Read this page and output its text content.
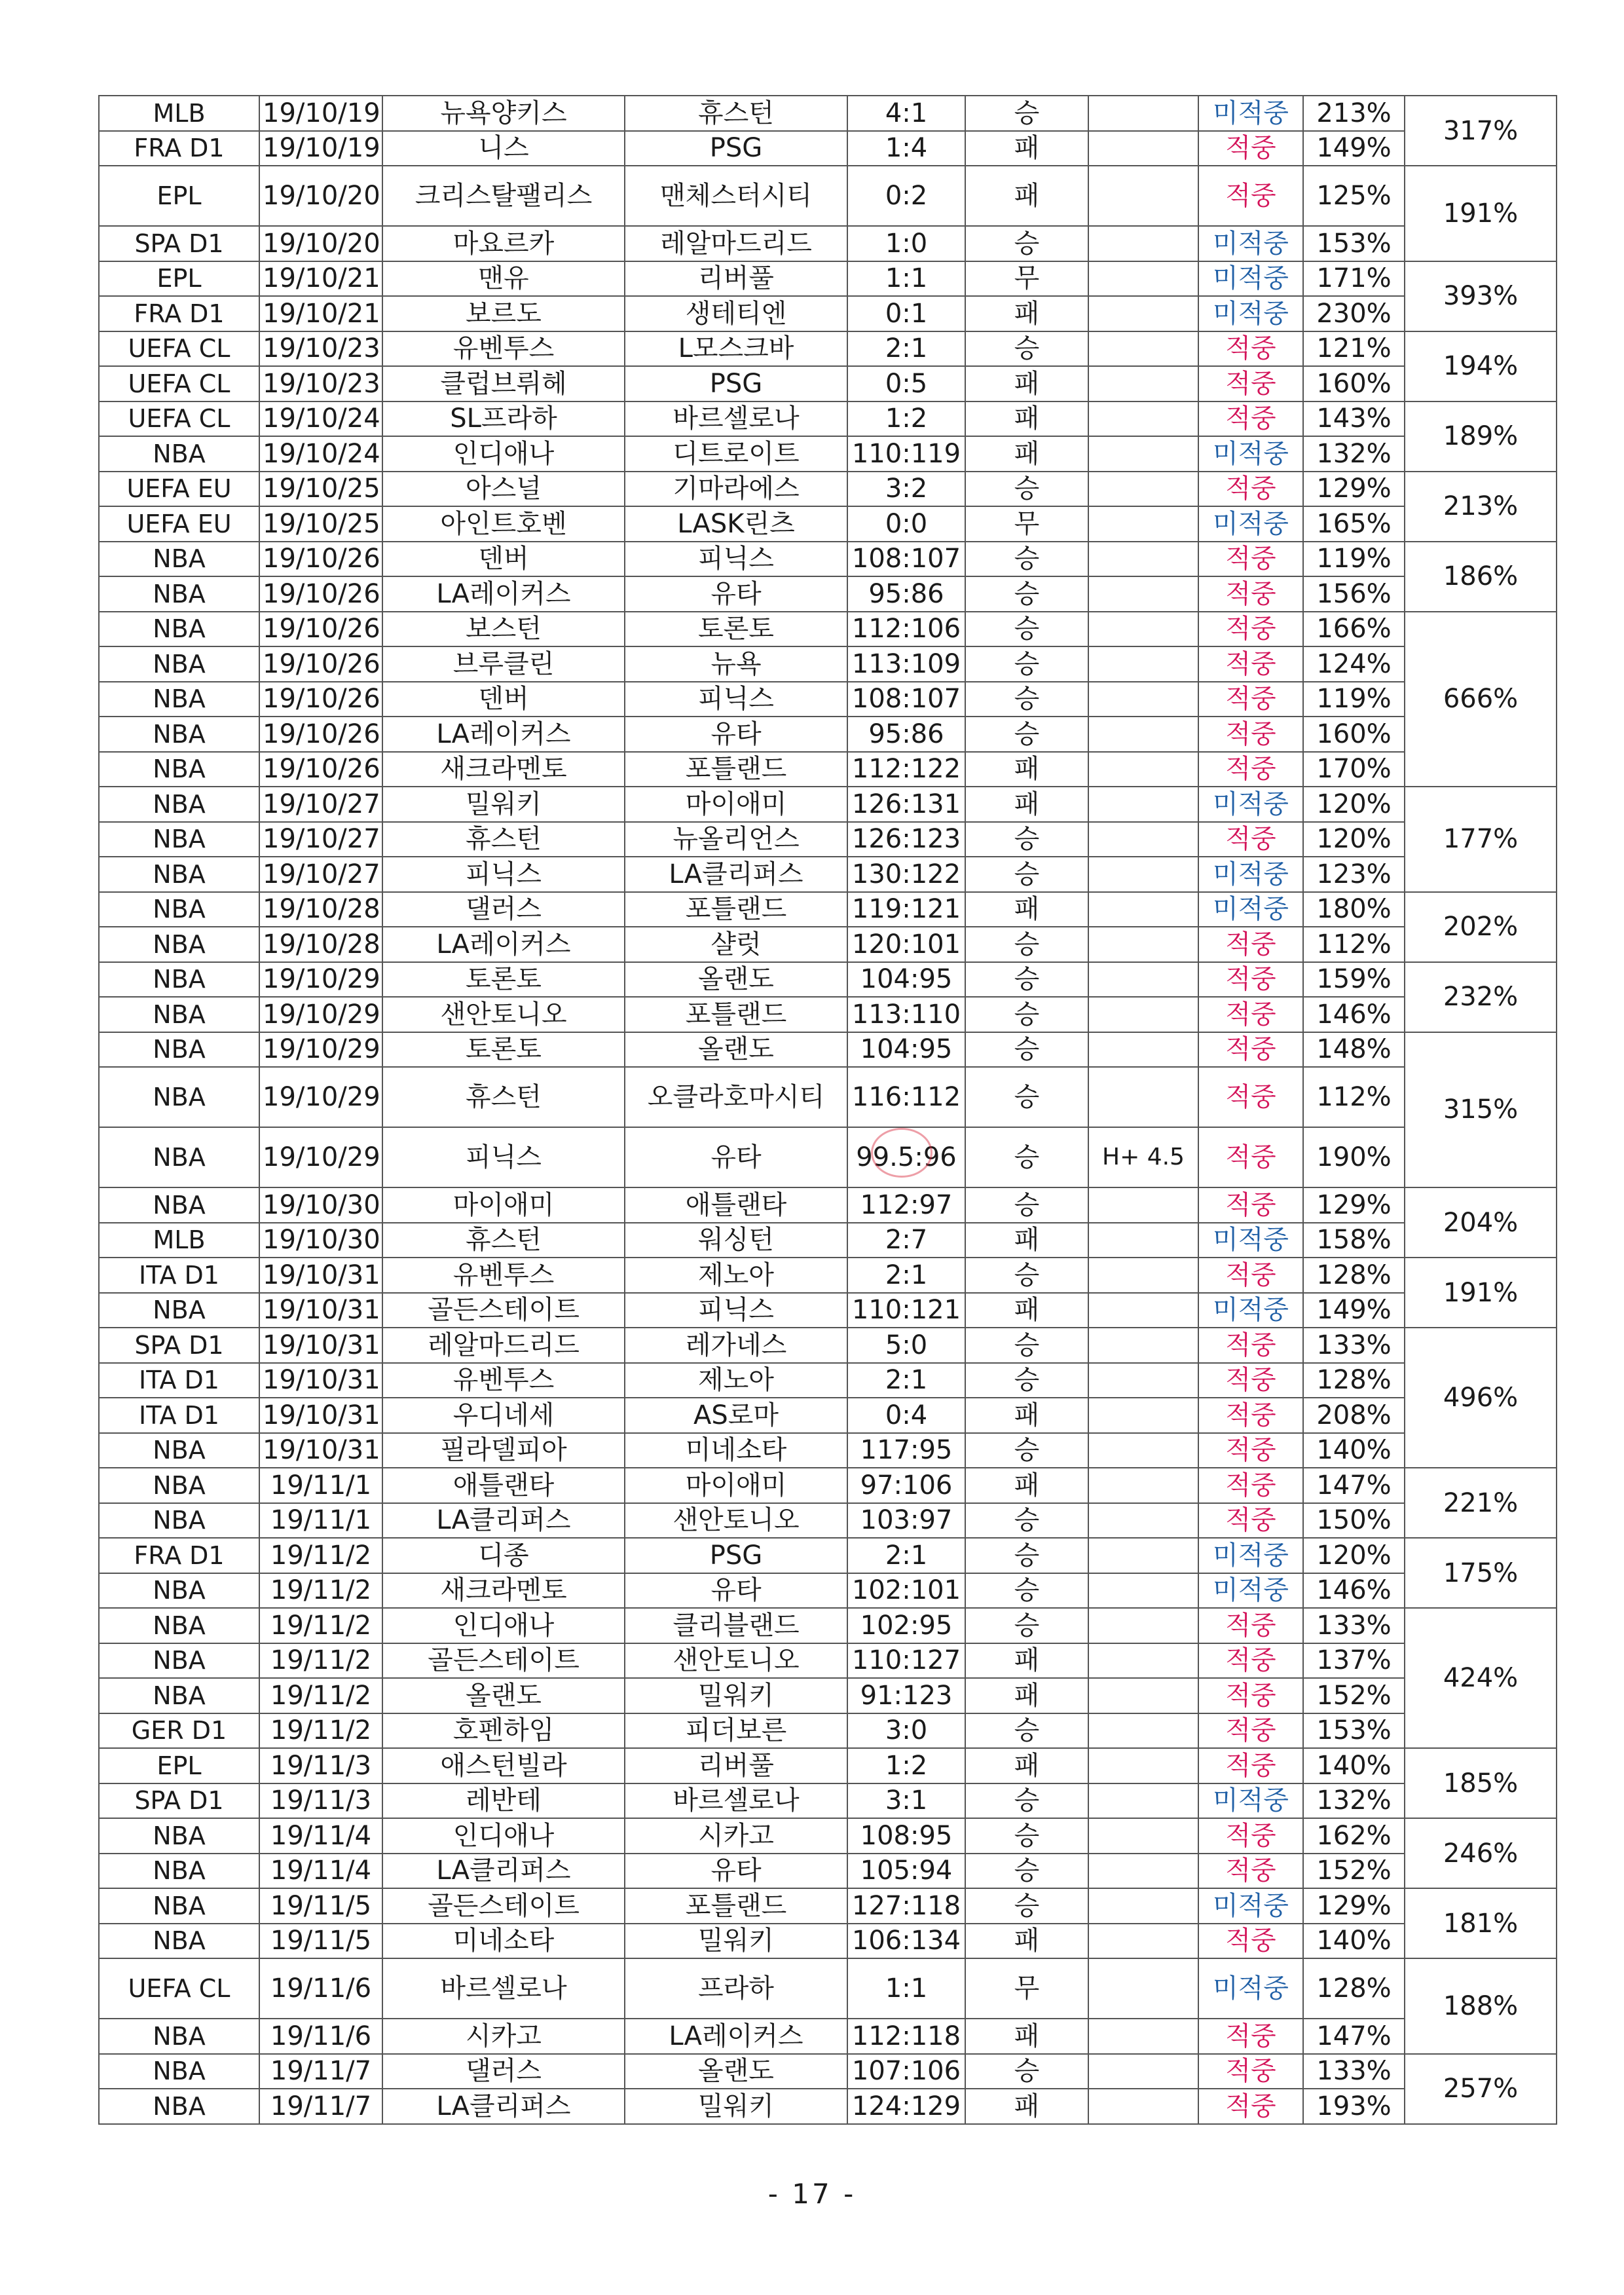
MLB	19/10/19	뉴욕양키스	휴스턴	4:1	승		미적중	213%	317%
FRA D1	19/10/19	니스	PSG	1:4	패		적중	149%	
EPL	19/10/20	크리스탈팰리스	맨체스터시티	0:2	패		적중	125%	191%
SPA D1	19/10/20	마요르카	레알마드리드	1:0	승		미적중	153%	
EPL	19/10/21	맨유	리버풀	1:1	무		미적중	171%	393%
FRA D1	19/10/21	보르도	생테티엔	0:1	패		미적중	230%	
UEFA CL	19/10/23	유벤투스	L모스크바	2:1	승		적중	121%	194%
UEFA CL	19/10/23	클럽브뤼헤	PSG	0:5	패		적중	160%	
UEFA CL	19/10/24	SL프라하	바르셀로나	1:2	패		적중	143%	189%
NBA	19/10/24	인디애나	디트로이트	110:119	패		미적중	132%	
UEFA EU	19/10/25	아스널	기마라에스	3:2	승		적중	129%	213%
UEFA EU	19/10/25	아인트호벤	LASK린츠	0:0	무		미적중	165%	
NBA	19/10/26	덴버	피닉스	108:107	승		적중	119%	186%
NBA	19/10/26	LA레이커스	유타	95:86	승		적중	156%	
NBA	19/10/26	보스턴	토론토	112:106	승		적중	166%	666%
NBA	19/10/26	브루클린	뉴욕	113:109	승		적중	124%	
NBA	19/10/26	덴버	피닉스	108:107	승		적중	119%	
NBA	19/10/26	LA레이커스	유타	95:86	승		적중	160%	
NBA	19/10/26	새크라멘토	포틀랜드	112:122	패		적중	170%	
NBA	19/10/27	밀워키	마이애미	126:131	패		미적중	120%	177%
NBA	19/10/27	휴스턴	뉴올리언스	126:123	승		적중	120%	
NBA	19/10/27	피닉스	LA클리퍼스	130:122	승		미적중	123%	
NBA	19/10/28	댈러스	포틀랜드	119:121	패		미적중	180%	202%
NBA	19/10/28	LA레이커스	샬럿	120:101	승		적중	112%	
NBA	19/10/29	토론토	올랜도	104:95	승		적중	159%	232%
NBA	19/10/29	샌안토니오	포틀랜드	113:110	승		적중	146%	
NBA	19/10/29	토론토	올랜도	104:95	승		적중	148%	315%
NBA	19/10/29	휴스턴	오클라호마시티	116:112	승		적중	112%	
NBA	19/10/29	피닉스	유타	99.5:96	승	H+ 4.5	적중	190%	
NBA	19/10/30	마이애미	애틀랜타	112:97	승		적중	129%	204%
MLB	19/10/30	휴스턴	워싱턴	2:7	패		미적중	158%	
ITA D1	19/10/31	유벤투스	제노아	2:1	승		적중	128%	191%
NBA	19/10/31	골든스테이트	피닉스	110:121	패		미적중	149%	
SPA D1	19/10/31	레알마드리드	레가네스	5:0	승		적중	133%	496%
ITA D1	19/10/31	유벤투스	제노아	2:1	승		적중	128%	
ITA D1	19/10/31	우디네세	AS로마	0:4	패		적중	208%	
NBA	19/10/31	필라델피아	미네소타	117:95	승		적중	140%	
NBA	19/11/1	애틀랜타	마이애미	97:106	패		적중	147%	221%
NBA	19/11/1	LA클리퍼스	샌안토니오	103:97	승		적중	150%	
FRA D1	19/11/2	디종	PSG	2:1	승		미적중	120%	175%
NBA	19/11/2	새크라멘토	유타	102:101	승		미적중	146%	
NBA	19/11/2	인디애나	클리블랜드	102:95	승		적중	133%	424%
NBA	19/11/2	골든스테이트	샌안토니오	110:127	패		적중	137%	
NBA	19/11/2	올랜도	밀워키	91:123	패		적중	152%	
GER D1	19/11/2	호펜하임	피더보른	3:0	승		적중	153%	
EPL	19/11/3	애스턴빌라	리버풀	1:2	패		적중	140%	185%
SPA D1	19/11/3	레반테	바르셀로나	3:1	승		미적중	132%	
NBA	19/11/4	인디애나	시카고	108:95	승		적중	162%	246%
NBA	19/11/4	LA클리퍼스	유타	105:94	승		적중	152%	
NBA	19/11/5	골든스테이트	포틀랜드	127:118	승		미적중	129%	181%
NBA	19/11/5	미네소타	밀워키	106:134	패		적중	140%	
UEFA CL	19/11/6	바르셀로나	프라하	1:1	무		미적중	128%	188%
NBA	19/11/6	시카고	LA레이커스	112:118	패		적중	147%	
NBA	19/11/7	댈러스	올랜도	107:106	승		적중	133%	257%
NBA	19/11/7	LA클리퍼스	밀워키	124:129	패		적중	193%	
- 17 -
